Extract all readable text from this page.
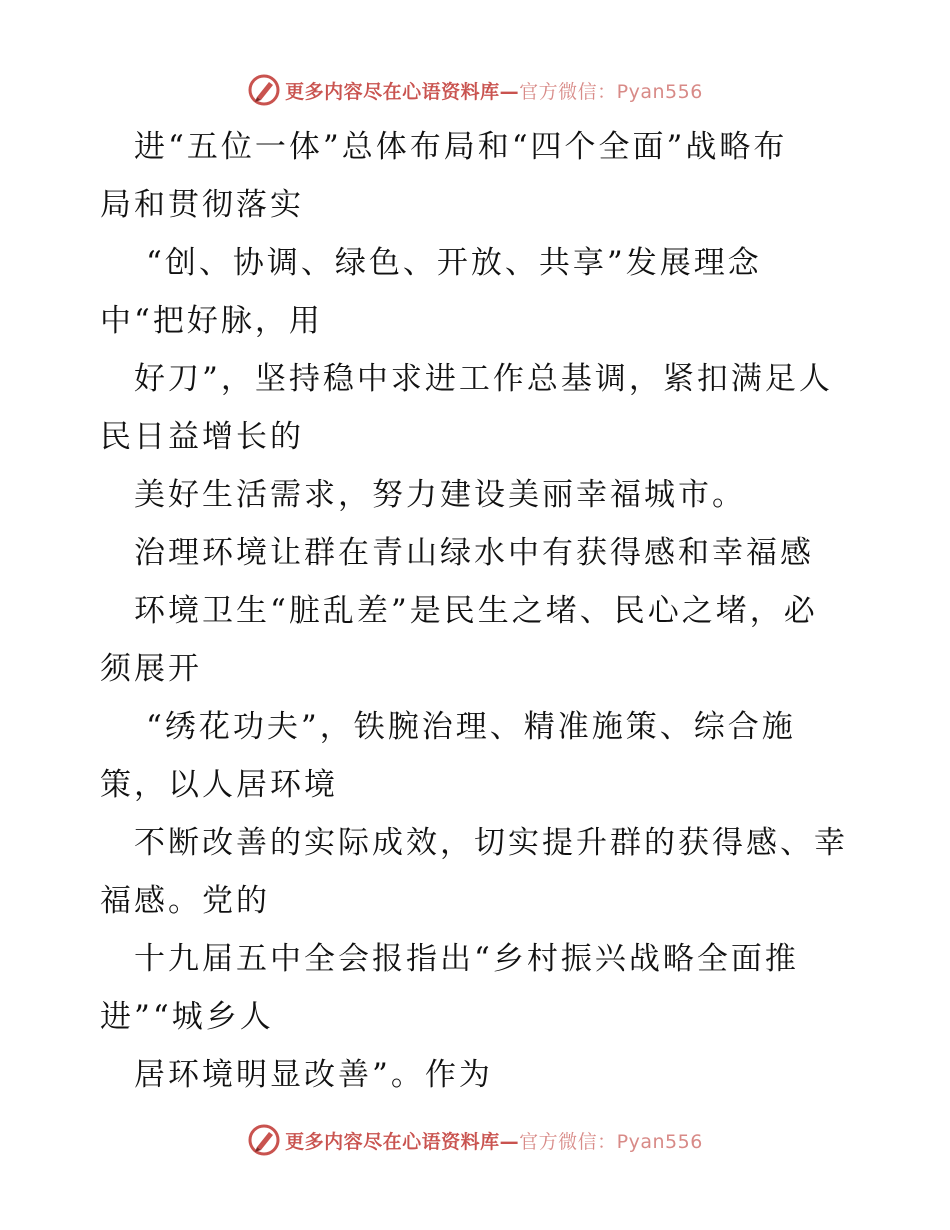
更多内容尽在心语资料库—官方微信：Pyan556
进“五位一体”总体布局和“四个全面”战略布
局和贯彻落实
“创、协调、绿色、开放、共享”发展理念
中“把好脉，用
好刀”，坚持稳中求进工作总基调，紧扣满足人
民日益增长的
美好生活需求，努力建设美丽幸福城市。
治理环境让群在青山绿水中有获得感和幸福感
环境卫生“脏乱差”是民生之堵、民心之堵，必
须展开
“绣花功夫”，铁腕治理、精准施策、综合施
策，以人居环境
不断改善的实际成效，切实提升群的获得感、幸
福感。党的
十九届五中全会报指出“乡村振兴战略全面推
进”“城乡人
居环境明显改善”。作为
更多内容尽在心语资料库—官方微信：Pyan556
